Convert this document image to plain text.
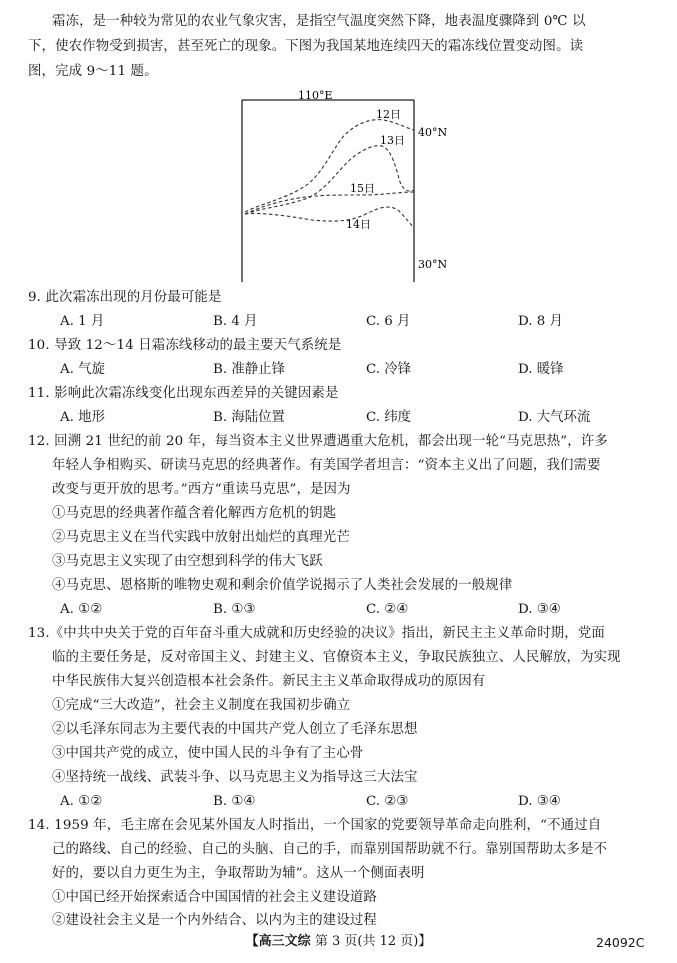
霜冻，是一种较为常见的农业气象灾害，是指空气温度突然下降，地表温度骤降到 0℃ 以
下，使农作物受到损害，甚至死亡的现象。下图为我国某地连续四天的霜冻线位置变动图。读
图，完成 9～11 题。
110°E
40°N
30°N
12日
13日
15日
14日
9. 此次霜冻出现的月份最可能是
A. 1 月	B. 4 月	C. 6 月	D. 8 月
10. 导致 12～14 日霜冻线移动的最主要天气系统是
A. 气旋	B. 准静止锋	C. 冷锋	D. 暖锋
11. 影响此次霜冻线变化出现东西差异的关键因素是
A. 地形	B. 海陆位置	C. 纬度	D. 大气环流
12. 回溯 21 世纪的前 20 年，每当资本主义世界遭遇重大危机，都会出现一轮“马克思热”，许多
年轻人争相购买、研读马克思的经典著作。有美国学者坦言：“资本主义出了问题，我们需要
改变与更开放的思考。”西方“重读马克思”，是因为
①马克思的经典著作蕴含着化解西方危机的钥匙
②马克思主义在当代实践中放射出灿烂的真理光芒
③马克思主义实现了由空想到科学的伟大飞跃
④马克思、恩格斯的唯物史观和剩余价值学说揭示了人类社会发展的一般规律
A. ①②	B. ①③	C. ②④	D. ③④
13.《中共中央关于党的百年奋斗重大成就和历史经验的决议》指出，新民主主义革命时期，党面
临的主要任务是，反对帝国主义、封建主义、官僚资本主义，争取民族独立、人民解放，为实现
中华民族伟大复兴创造根本社会条件。新民主主义革命取得成功的原因有
①完成“三大改造”，社会主义制度在我国初步确立
②以毛泽东同志为主要代表的中国共产党人创立了毛泽东思想
③中国共产党的成立，使中国人民的斗争有了主心骨
④坚持统一战线、武装斗争、以马克思主义为指导这三大法宝
A. ①②	B. ①④	C. ②③	D. ③④
14. 1959 年，毛主席在会见某外国友人时指出，一个国家的党要领导革命走向胜利，“不通过自
己的路线、自己的经验、自己的头脑、自己的手，而靠别国帮助就不行。靠别国帮助太多是不
好的，要以自力更生为主，争取帮助为辅”。这从一个侧面表明
①中国已经开始探索适合中国国情的社会主义建设道路
②建设社会主义是一个内外结合、以内为主的建设过程
【高三文综 第 3 页(共 12 页)】	24092C
